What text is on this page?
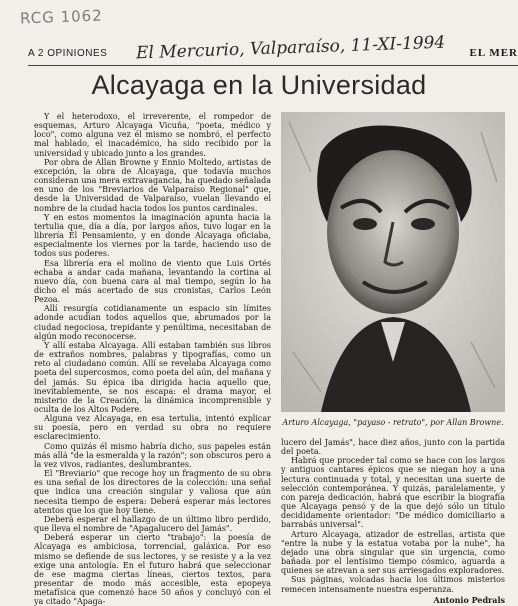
RCG 1062
A 2 OPINIONES El Mercurio, Valparaíso, 11-XI-1994 EL MER
Alcayaga en la Universidad

Y el heterodoxo, el irreverente, el rompedor de esquemas, Arturo Alcayaga Vicuña, "poeta, médico y loco", como alguna vez él mismo se nombró, el perfecto mal hablado, el inacadémico, ha sido recibido por la universidad y ubicado junto a los grandes.

Por obra de Allan Browne y Ennio Moltedo, artistas de excepción, la obra de Alcayaga, que todavía muchos consideran una mera extravagancia, ha quedado señalada en uno de los "Breviarios de Valparaíso Regional" que, desde la Universidad de Valparaíso, vuelan llevando el nombre de la ciudad hacia todos los puntos cardinales.

Y en estos momentos la imaginación apunta hacia la tertulia que, día a día, por largos años, tuvo lugar en la librería El Pensamiento, y en donde Alcayaga oficiaba, especialmente los viernes por la tarde, haciendo uso de todos sus poderes.

Esa librería era el molino de viento que Luis Ortés echaba a andar cada mañana, levantando la cortina al nuevo día, con buena cara al mal tiempo, según lo ha dicho el más acertado de sus cronistas, Carlos León Pezoa.

Allí resurgía cotidianamente un espacio sin límites adonde acudían todos aquellos que, abrumados por la ciudad negociosa, trepidante y penúltima, necesitaban de algún modo reconocerse.

Y allí estaba Alcayaga. Allí estaban también sus libros de extraños nombres, palabras y tipografías, como un reto al ciudadano común. Allí se revelaba Alcayaga como poeta del supercosmos, como poeta del aún, del mañana y del jamás. Su épica iba dirigida hacia aquello que, inevitablemente, se nos escapa: el drama mayor, el misterio de la Creación, la dinámica incomprensible y oculta de los Altos Podere.

Alguna vez Alcayaga, en esa tertulia, intentó explicar su poesía, pero en verdad su obra no requiere esclarecimiento.

Como quizás él mismo habría dicho, sus papeles están más allá "de la esmeralda y la razón"; son obscuros pero a la vez vivos, radiantes, deslumbrantes.

El "Breviario" que recoge hoy un fragmento de su obra es una señal de los directores de la colección: una señal que indica una creación singular y valiosa que aún necesita tiempo de espera: Deberá esperar más lectores atentos que los que hoy tiene.

Deberá esperar el hallazgo de un último libro perdido, que lleva el nombre de "Apagalucero del Jamás".

Deberá esperar un cierto "trabajo": la poesía de Alcayaga es ambiciosa, torrencial, galáxica. Por eso mismo se defiende de sus lectores, y se resiste y a la vez exige una antología. En el futuro habrá que seleccionar de ese magma ciertas líneas, ciertos textos, para presentar de modo más accesible, esta epopeya metafísica que comenzó hace 50 años y concluyó con el ya citado "Apaga-

Arturo Alcayaga, "payaso - retrato", por Allan Browne.

lucero del Jamás", hace diez años, junto con la partida del poeta.

Habrá que proceder tal como se hace con los largos y antiguos cantares épicos que se niegan hoy a una lectura continuada y total, y necesitan una suerte de selección contemporánea. Y quizás, paralelamente, y con pareja dedicación, habrá que escribir la biografía que Alcayaga pensó y de la que dejó sólo un título decididamente orientador: "De médico domiciliario a barrabás universal".

Arturo Alcayaga, atizador de estrellas, artista que "entre la nube y la estatua votaba por la nube", ha dejado una obra singular que sin urgencia, como bañada por el lentísimo tiempo cósmico, aguarda a quienes se atrevan a ser sus arriesgados exploradores.

Sus páginas, volcadas hacia los últimos misterios remecen intensamente nuestra esperanza.

Antonio Pedrals
